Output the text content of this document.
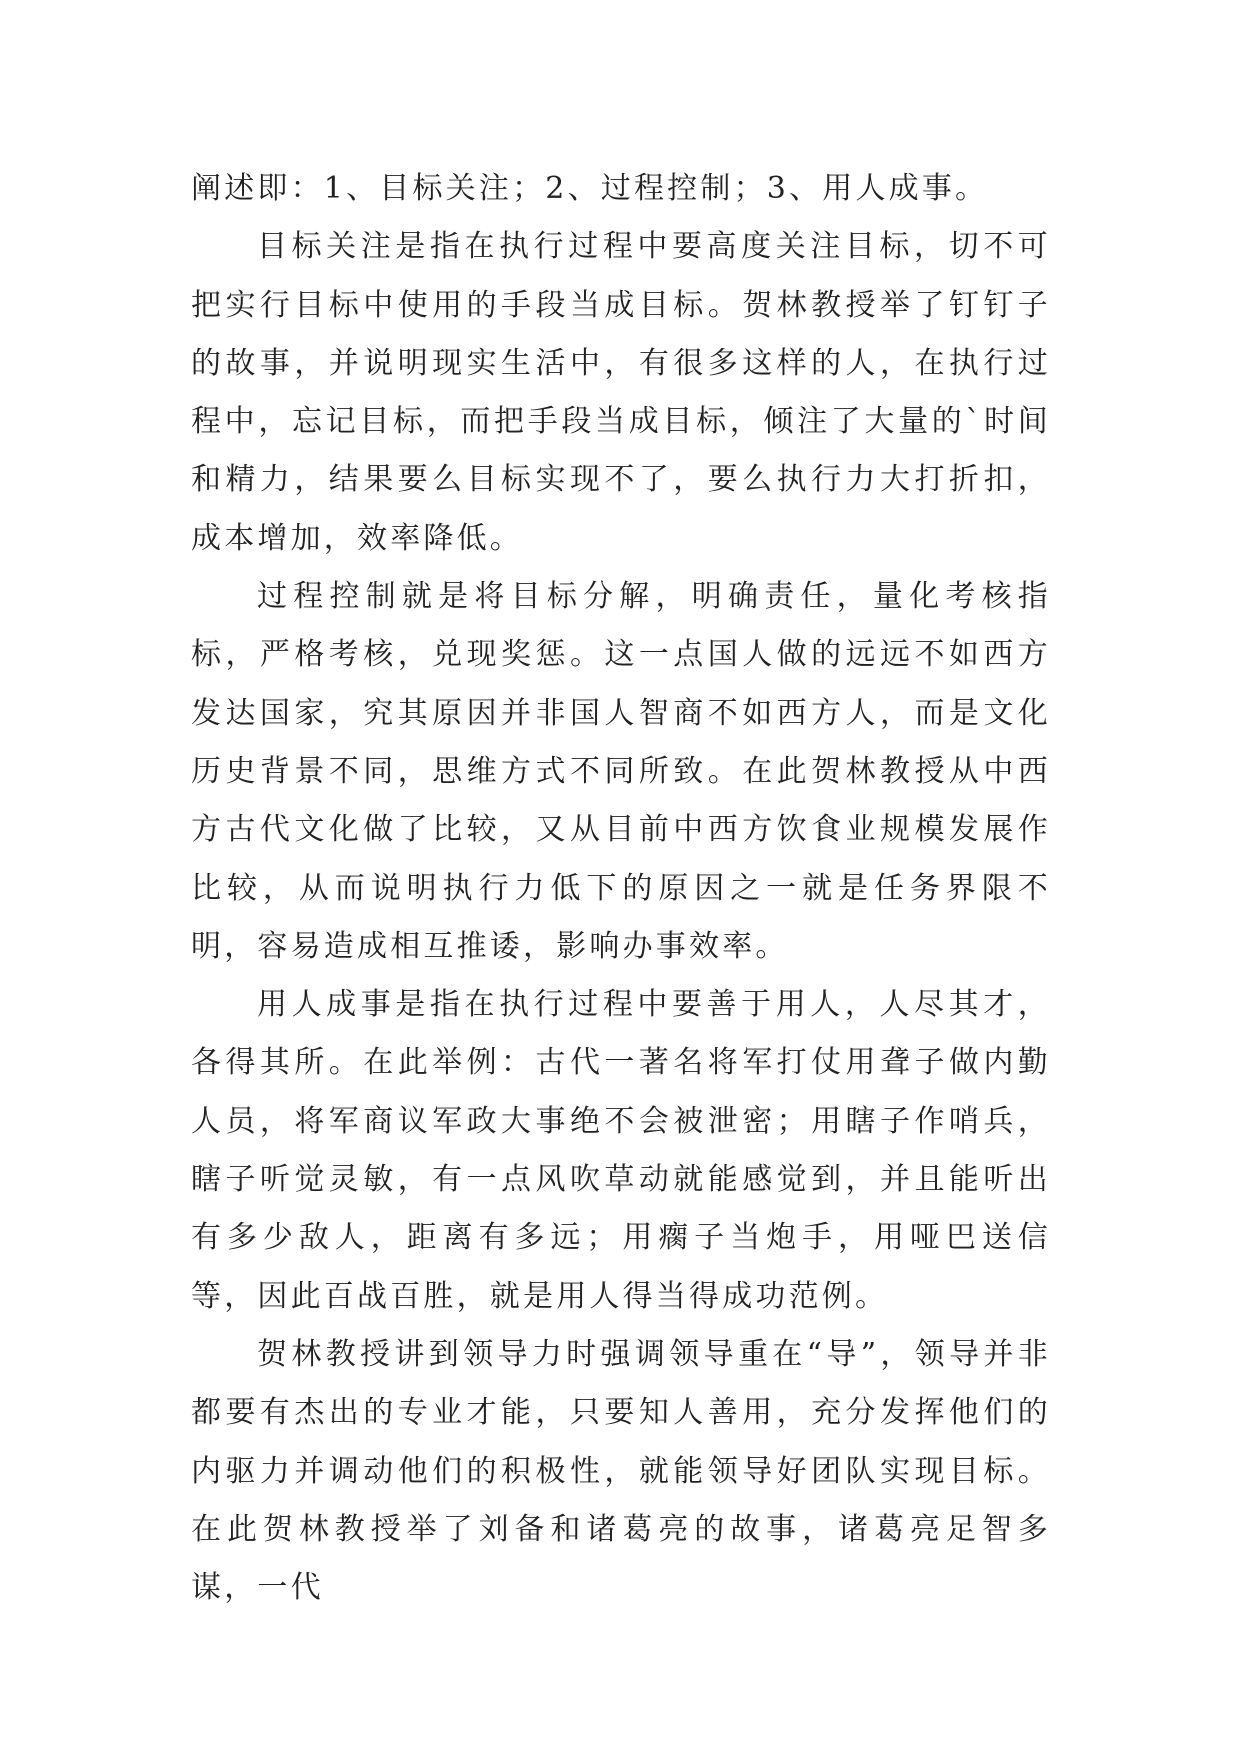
阐述即：1、目标关注；2、过程控制；3、用人成事。

目标关注是指在执行过程中要高度关注目标，切不可把实行目标中使用的手段当成目标。贺林教授举了钉钉子的故事，并说明现实生活中，有很多这样的人，在执行过程中，忘记目标，而把手段当成目标，倾注了大量的`时间和精力，结果要么目标实现不了，要么执行力大打折扣，成本增加，效率降低。

过程控制就是将目标分解，明确责任，量化考核指标，严格考核，兑现奖惩。这一点国人做的远远不如西方发达国家，究其原因并非国人智商不如西方人，而是文化历史背景不同，思维方式不同所致。在此贺林教授从中西方古代文化做了比较，又从目前中西方饮食业规模发展作比较，从而说明执行力低下的原因之一就是任务界限不明，容易造成相互推诿，影响办事效率。

用人成事是指在执行过程中要善于用人，人尽其才，各得其所。在此举例：古代一著名将军打仗用聋子做内勤人员，将军商议军政大事绝不会被泄密；用瞎子作哨兵，瞎子听觉灵敏，有一点风吹草动就能感觉到，并且能听出有多少敌人，距离有多远；用瘸子当炮手，用哑巴送信等，因此百战百胜，就是用人得当得成功范例。

贺林教授讲到领导力时强调领导重在“导”，领导并非都要有杰出的专业才能，只要知人善用，充分发挥他们的内驱力并调动他们的积极性，就能领导好团队实现目标。在此贺林教授举了刘备和诸葛亮的故事，诸葛亮足智多谋，一代
